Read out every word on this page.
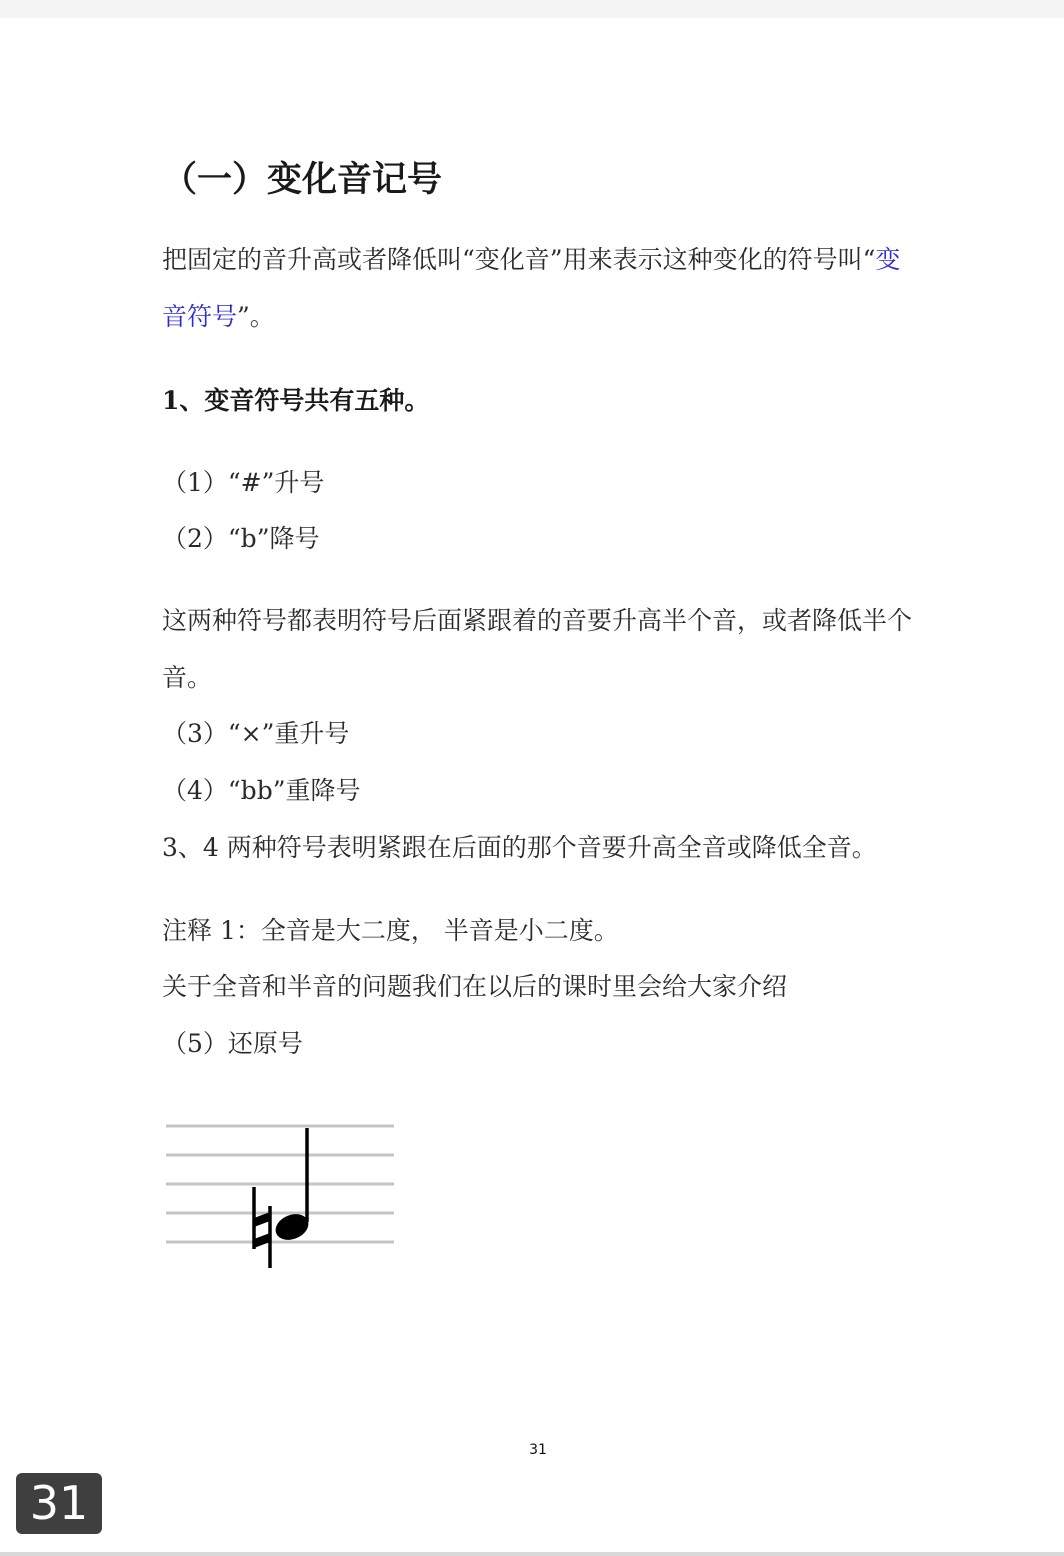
（一）变化音记号
把固定的音升高或者降低叫“变化音”用来表示这种变化的符号叫“变
音符号”。
1、变音符号共有五种。
（1）“#”升号
（2）“b”降号
这两种符号都表明符号后面紧跟着的音要升高半个音，或者降低半个
音。
（3）“×”重升号
（4）“bb”重降号
3、4 两种符号表明紧跟在后面的那个音要升高全音或降低全音。
注释 1：全音是大二度， 半音是小二度。
关于全音和半音的问题我们在以后的课时里会给大家介绍
（5）还原号
31
31
